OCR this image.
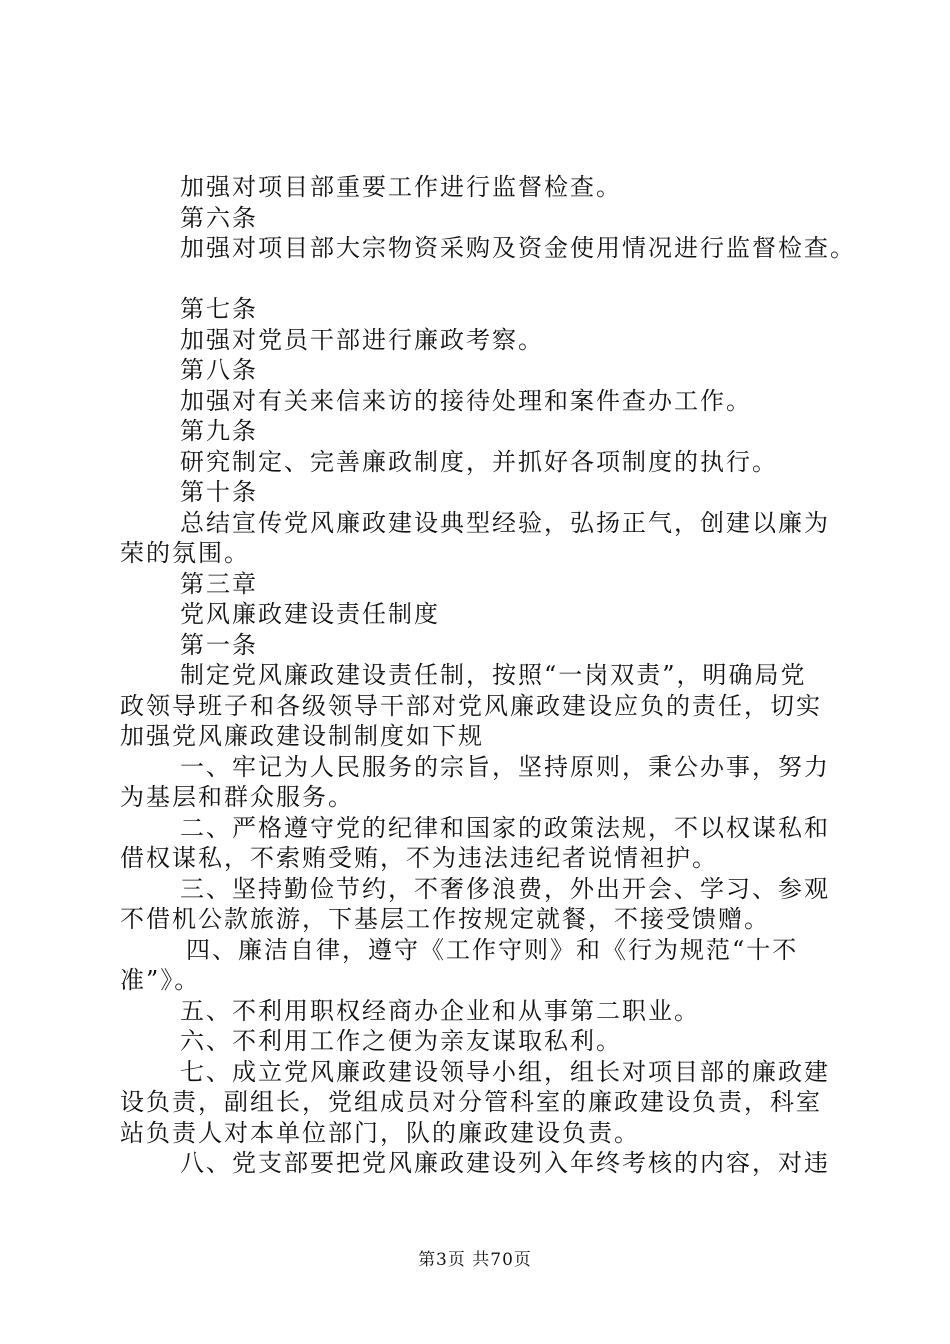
加强对项目部重要工作进行监督检查。
第六条
加强对项目部大宗物资采购及资金使用情况进行监督检查。
第七条
加强对党员干部进行廉政考察。
第八条
加强对有关来信来访的接待处理和案件查办工作。
第九条
研究制定、完善廉政制度，并抓好各项制度的执行。
第十条
总结宣传党风廉政建设典型经验，弘扬正气，创建以廉为
荣的氛围。
第三章
党风廉政建设责任制度
第一条
制定党风廉政建设责任制，按照“一岗双责”，明确局党
政领导班子和各级领导干部对党风廉政建设应负的责任，切实
加强党风廉政建设制制度如下规
一、牢记为人民服务的宗旨，坚持原则，秉公办事，努力
为基层和群众服务。
二、严格遵守党的纪律和国家的政策法规，不以权谋私和
借权谋私，不索贿受贿，不为违法违纪者说情袒护。
三、坚持勤俭节约，不奢侈浪费，外出开会、学习、参观
不借机公款旅游，下基层工作按规定就餐，不接受馈赠。
四、廉洁自律，遵守《工作守则》和《行为规范“十不
准”》。
五、不利用职权经商办企业和从事第二职业。
六、不利用工作之便为亲友谋取私利。
七、成立党风廉政建设领导小组，组长对项目部的廉政建
设负责，副组长，党组成员对分管科室的廉政建设负责，科室
站负责人对本单位部门，队的廉政建设负责。
八、党支部要把党风廉政建设列入年终考核的内容，对违
第3页 共70页
